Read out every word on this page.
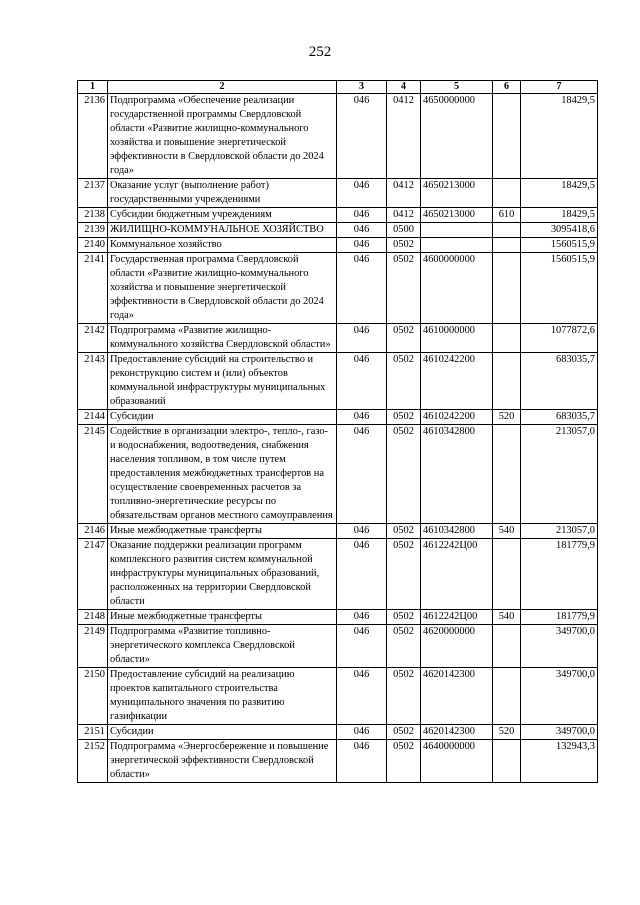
252
1	2	3	4	5	6	7
2136	Подпрограмма «Обеспечение реализации государственной программы Свердловской области «Развитие жилищно-коммунального хозяйства и повышение энергетической эффективности в Свердловской области до 2024 года»	046	0412	4650000000		18429,5
2137	Оказание услуг (выполнение работ) государственными учреждениями	046	0412	4650213000		18429,5
2138	Субсидии бюджетным учреждениям	046	0412	4650213000	610	18429,5
2139	ЖИЛИЩНО-КОММУНАЛЬНОЕ ХОЗЯЙСТВО	046	0500			3095418,6
2140	Коммунальное хозяйство	046	0502			1560515,9
2141	Государственная программа Свердловской области «Развитие жилищно-коммунального хозяйства и повышение энергетической эффективности в Свердловской области до 2024 года»	046	0502	4600000000		1560515,9
2142	Подпрограмма «Развитие жилищно-коммунального хозяйства Свердловской области»	046	0502	4610000000		1077872,6
2143	Предоставление субсидий на строительство и реконструкцию систем и (или) объектов коммунальной инфраструктуры муниципальных образований	046	0502	4610242200		683035,7
2144	Субсидии	046	0502	4610242200	520	683035,7
2145	Содействие в организации электро-, тепло-, газо- и водоснабжения, водоотведения, снабжения населения топливом, в том числе путем предоставления межбюджетных трансфертов на осуществление своевременных расчетов за топливно-энергетические ресурсы по обязательствам органов местного самоуправления	046	0502	4610342800		213057,0
2146	Иные межбюджетные трансферты	046	0502	4610342800	540	213057,0
2147	Оказание поддержки реализации программ комплексного развития систем коммунальной инфраструктуры муниципальных образований, расположенных на территории Свердловской области	046	0502	4612242Ц00		181779,9
2148	Иные межбюджетные трансферты	046	0502	4612242Ц00	540	181779,9
2149	Подпрограмма «Развитие топливно-энергетического комплекса Свердловской области»	046	0502	4620000000		349700,0
2150	Предоставление субсидий на реализацию проектов капитального строительства муниципального значения по развитию газификации	046	0502	4620142300		349700,0
2151	Субсидии	046	0502	4620142300	520	349700,0
2152	Подпрограмма «Энергосбережение и повышение энергетической эффективности Свердловской области»	046	0502	4640000000		132943,3
